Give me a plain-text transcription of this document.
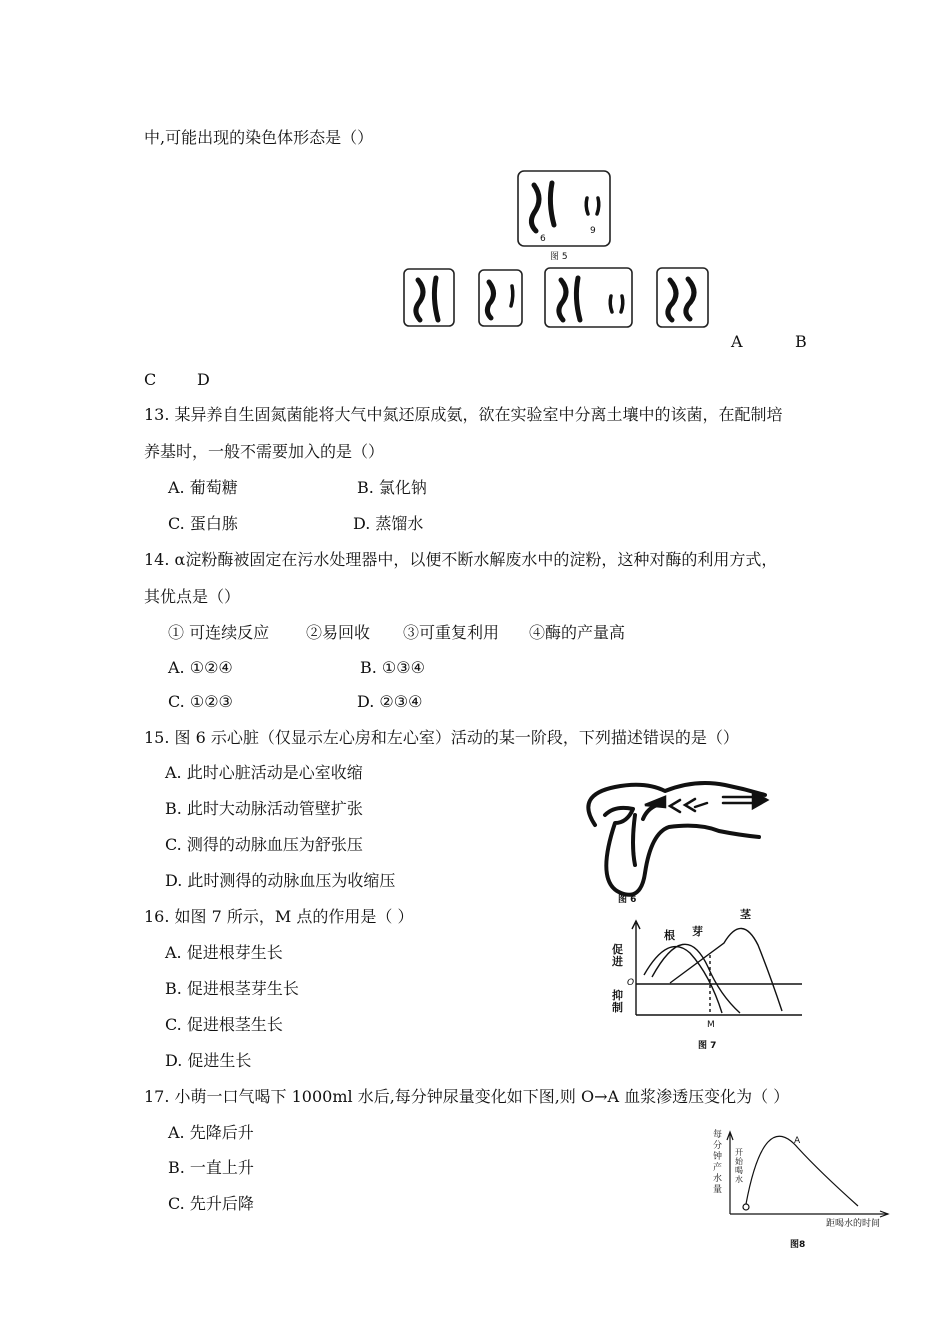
中,可能出现的染色体形态是（）
6
9
图 5
A	B
C	D
13. 某异养自生固氮菌能将大气中氮还原成氨，欲在实验室中分离土壤中的该菌，在配制培
养基时，一般不需要加入的是（）
A. 葡萄糖	B. 氯化钠
C. 蛋白胨	D. 蒸馏水
14. α淀粉酶被固定在污水处理器中，以便不断水解废水中的淀粉，这种对酶的利用方式，
其优点是（）
① 可连续反应 ②易回收 ③可重复利用 ④酶的产量高
A. ①②④	B. ①③④
C. ①②③	D. ②③④
15. 图 6 示心脏（仅显示左心房和左心室）活动的某一阶段，下列描述错误的是（）
A. 此时心脏活动是心室收缩
B. 此时大动脉活动管壁扩张
C. 测得的动脉血压为舒张压
D. 此时测得的动脉血压为收缩压
图 6
16. 如图 7 所示，M 点的作用是（ ）
A. 促进根芽生长
B. 促进根茎芽生长
C. 促进根茎生长
D. 促进生长
根 芽
茎
促进
抑制
O
M
图 7
17. 小萌一口气喝下 1000ml 水后,每分钟尿量变化如下图,则 O→A 血浆渗透压变化为（ ）
A. 先降后升
B. 一直上升
C. 先升后降
每分钟产水量
开始喝水
A
距喝水的时间
图8
